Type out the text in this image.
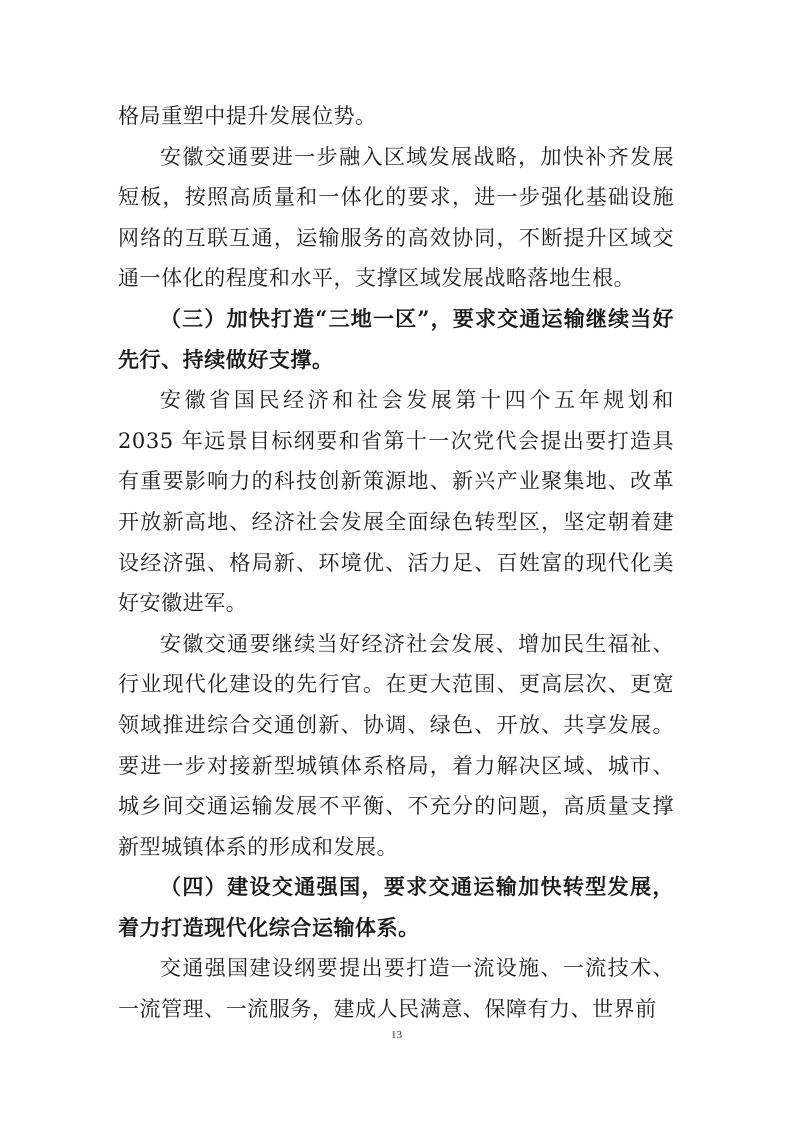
格局重塑中提升发展位势。

安徽交通要进一步融入区域发展战略，加快补齐发展短板，按照高质量和一体化的要求，进一步强化基础设施网络的互联互通，运输服务的高效协同，不断提升区域交通一体化的程度和水平，支撑区域发展战略落地生根。

（三）加快打造“三地一区”，要求交通运输继续当好先行、持续做好支撑。

安徽省国民经济和社会发展第十四个五年规划和 2035 年远景目标纲要和省第十一次党代会提出要打造具有重要影响力的科技创新策源地、新兴产业聚集地、改革开放新高地、经济社会发展全面绿色转型区，坚定朝着建设经济强、格局新、环境优、活力足、百姓富的现代化美好安徽进军。

安徽交通要继续当好经济社会发展、增加民生福祉、行业现代化建设的先行官。在更大范围、更高层次、更宽领域推进综合交通创新、协调、绿色、开放、共享发展。要进一步对接新型城镇体系格局，着力解决区域、城市、城乡间交通运输发展不平衡、不充分的问题，高质量支撑新型城镇体系的形成和发展。

（四）建设交通强国，要求交通运输加快转型发展，着力打造现代化综合运输体系。

交通强国建设纲要提出要打造一流设施、一流技术、一流管理、一流服务，建成人民满意、保障有力、世界前

13
